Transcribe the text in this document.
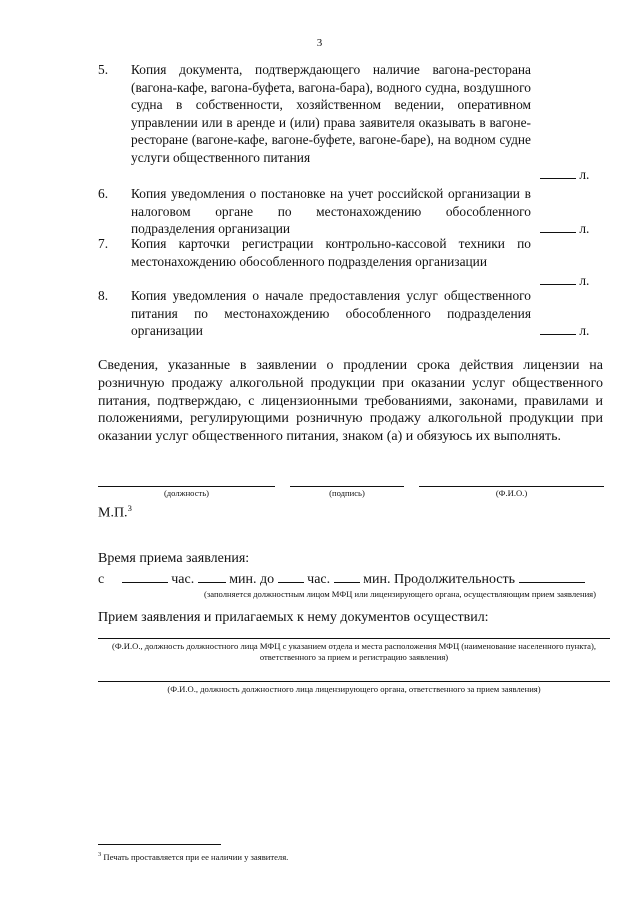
3
5. Копия документа, подтверждающего наличие вагона-ресторана (вагона-кафе, вагона-буфета, вагона-бара), водного судна, воздушного судна в собственности, хозяйственном ведении, оперативном управлении или в аренде и (или) права заявителя оказывать в вагоне-ресторане (вагоне-кафе, вагоне-буфете, вагоне-баре), на водном судне услуги общественного питания
л.
6. Копия уведомления о постановке на учет российской организации в налоговом органе по местонахождению обособленного подразделения организации	л.
7. Копия карточки регистрации контрольно-кассовой техники по местонахождению обособленного подразделения организации
л.
8. Копия уведомления о начале предоставления услуг общественного питания по местонахождению обособленного подразделения организации	л.
Сведения, указанные в заявлении о продлении срока действия лицензии на розничную продажу алкогольной продукции при оказании услуг общественного питания, подтверждаю, с лицензионными требованиями, законами, правилами и положениями, регулирующими розничную продажу алкогольной продукции при оказании услуг общественного питания, знаком (а) и обязуюсь их выполнять.
(должность)	(подпись)	(Ф.И.О.)
М.П.$^3$
Время приема заявления:
с	час.	мин. до час. мин. Продолжительность
(заполняется должностным лицом МФЦ или лицензирующего органа, осуществляющим прием заявления)
Прием заявления и прилагаемых к нему документов осуществил:
(Ф.И.О., должность должностного лица МФЦ с указанием отдела и места расположения МФЦ (наименование населенного пункта), ответственного за прием и регистрацию заявления)
(Ф.И.О., должность должностного лица лицензирующего органа, ответственного за прием заявления)
$^3$ Печать проставляется при ее наличии у заявителя.
